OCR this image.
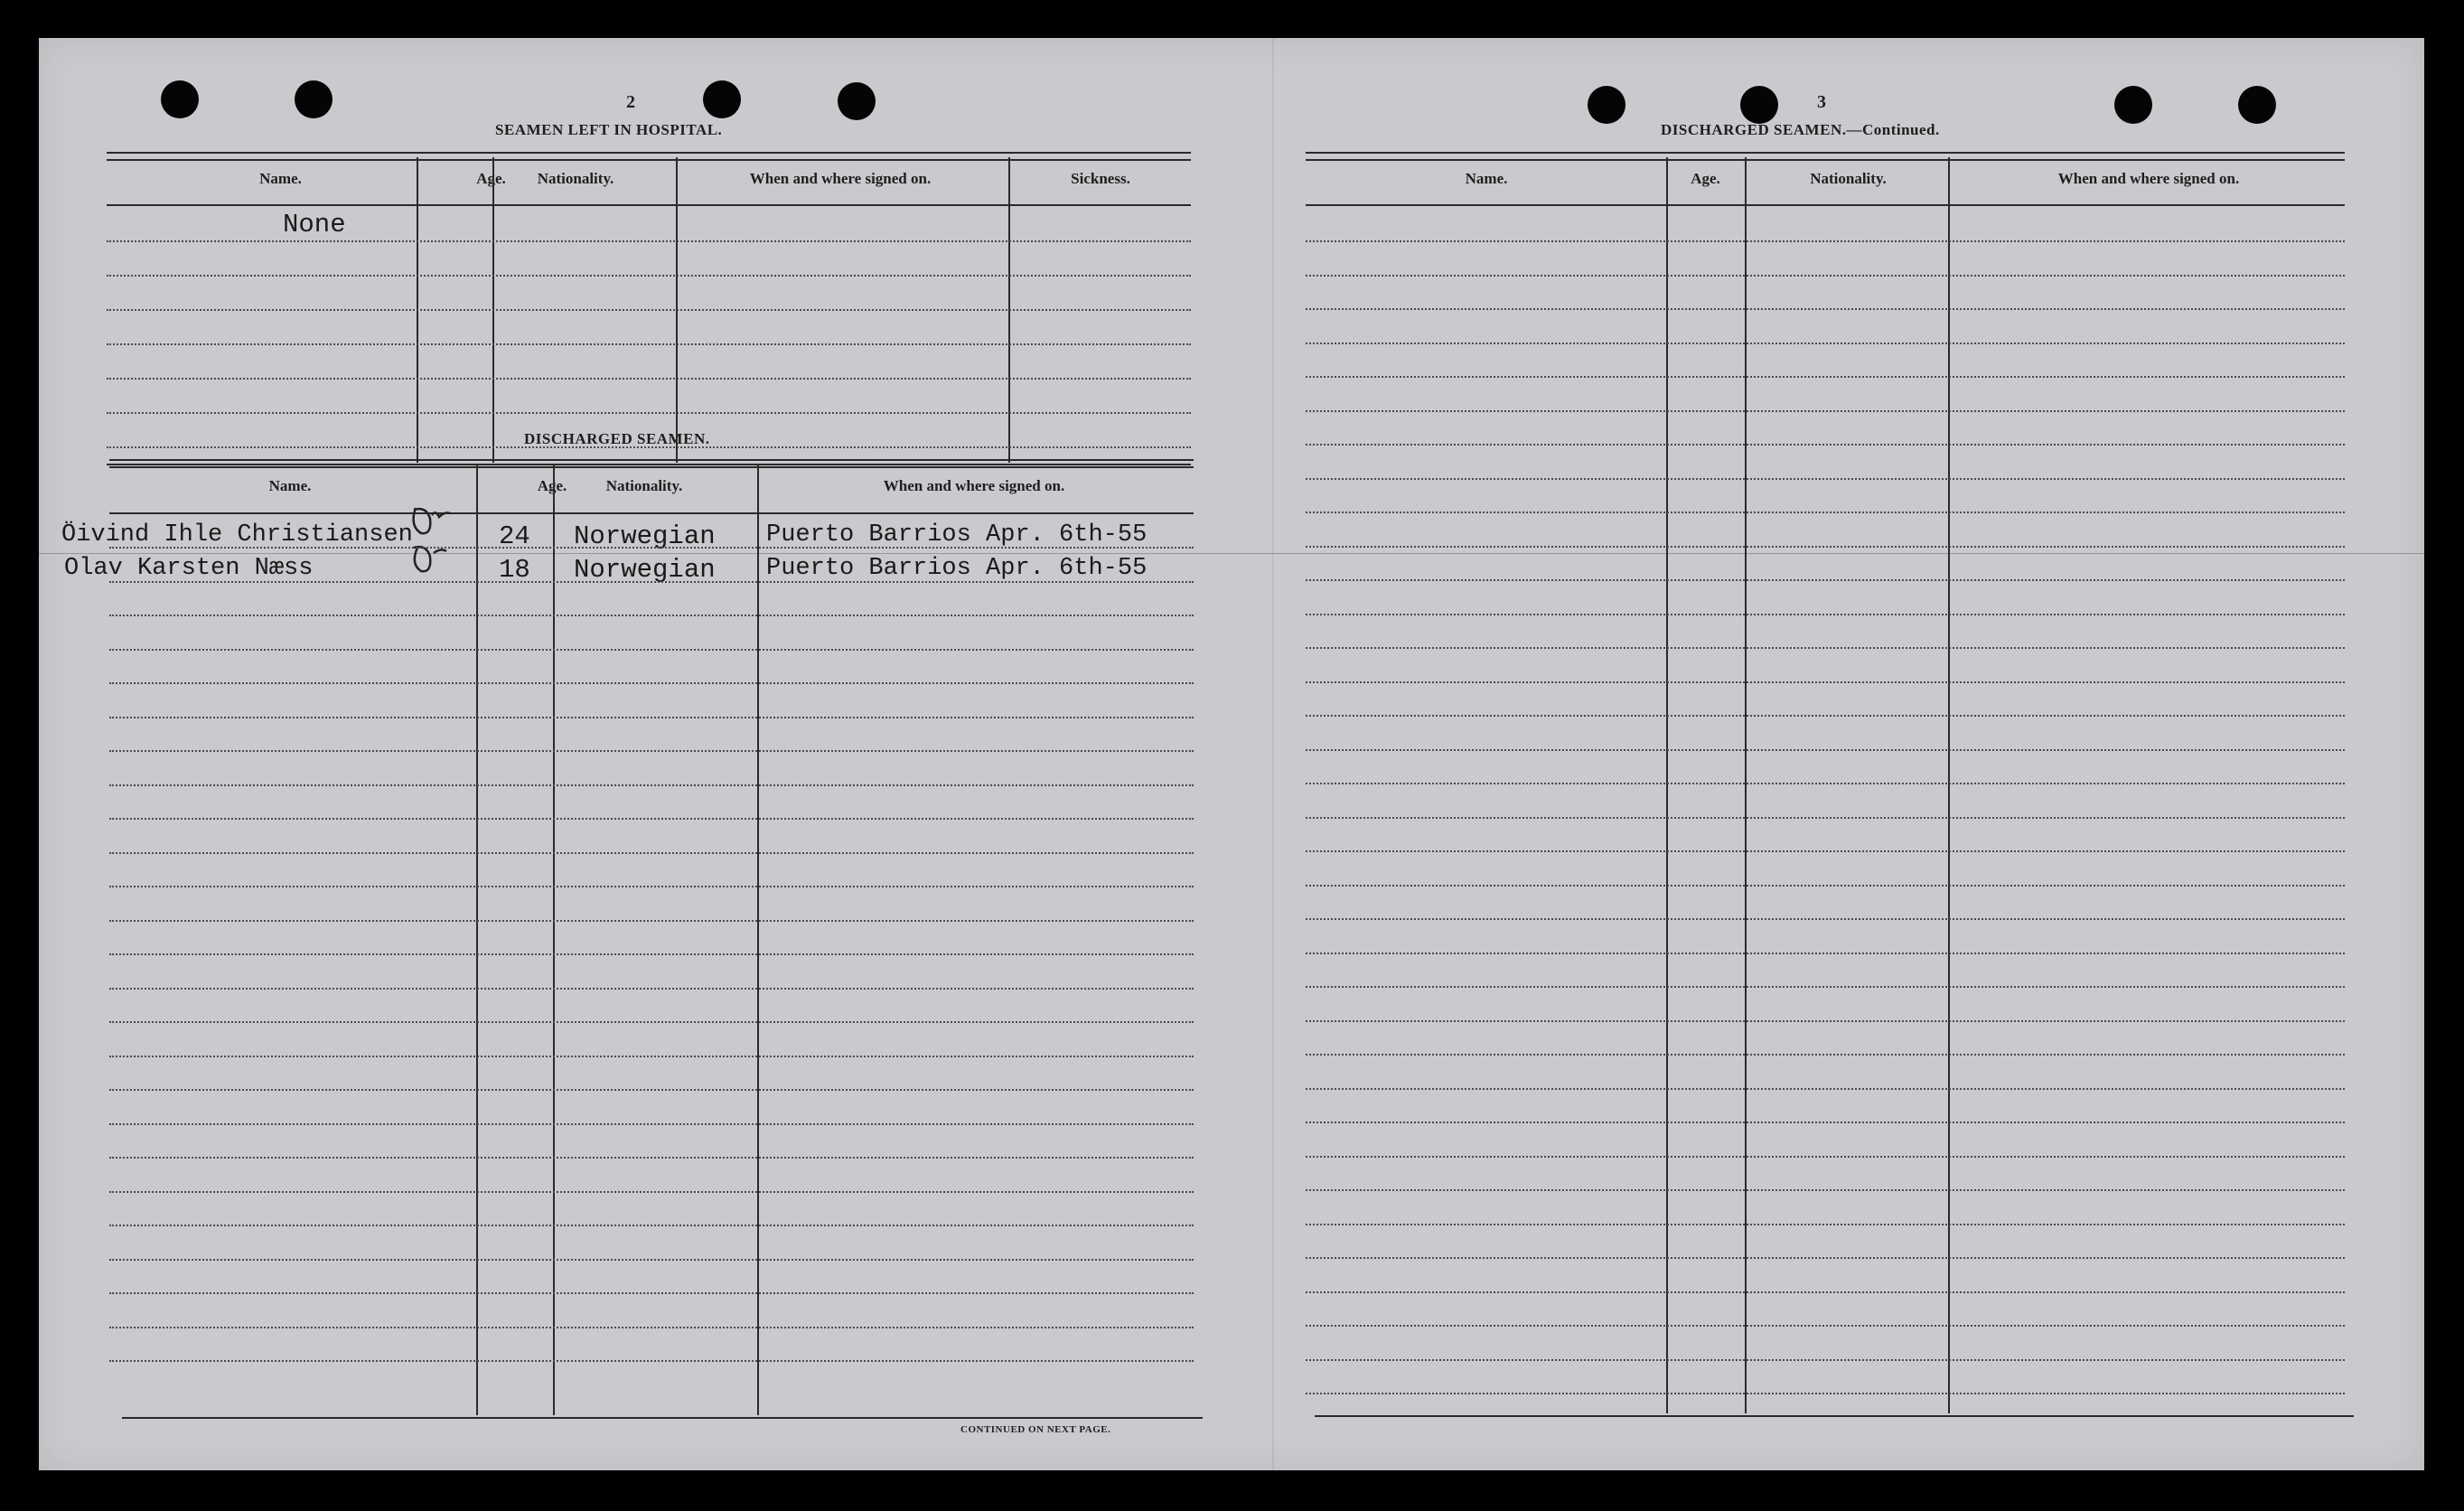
2
SEAMEN LEFT IN HOSPITAL.
Name.	Age.	Nationality.	When and where signed on.	Sickness.
None
DISCHARGED SEAMEN.
Name.	Age.	Nationality.	When and where signed on.
Öivind Ihle Christiansen	24 Norwegian Puerto Barrios Apr. 6th-55
Olav Karsten Næss	18 Norwegian Puerto Barrios Apr. 6th-55
CONTINUED ON NEXT PAGE.
3
DISCHARGED SEAMEN.—Continued.
Name.	Age.	Nationality.	When and where signed on.
